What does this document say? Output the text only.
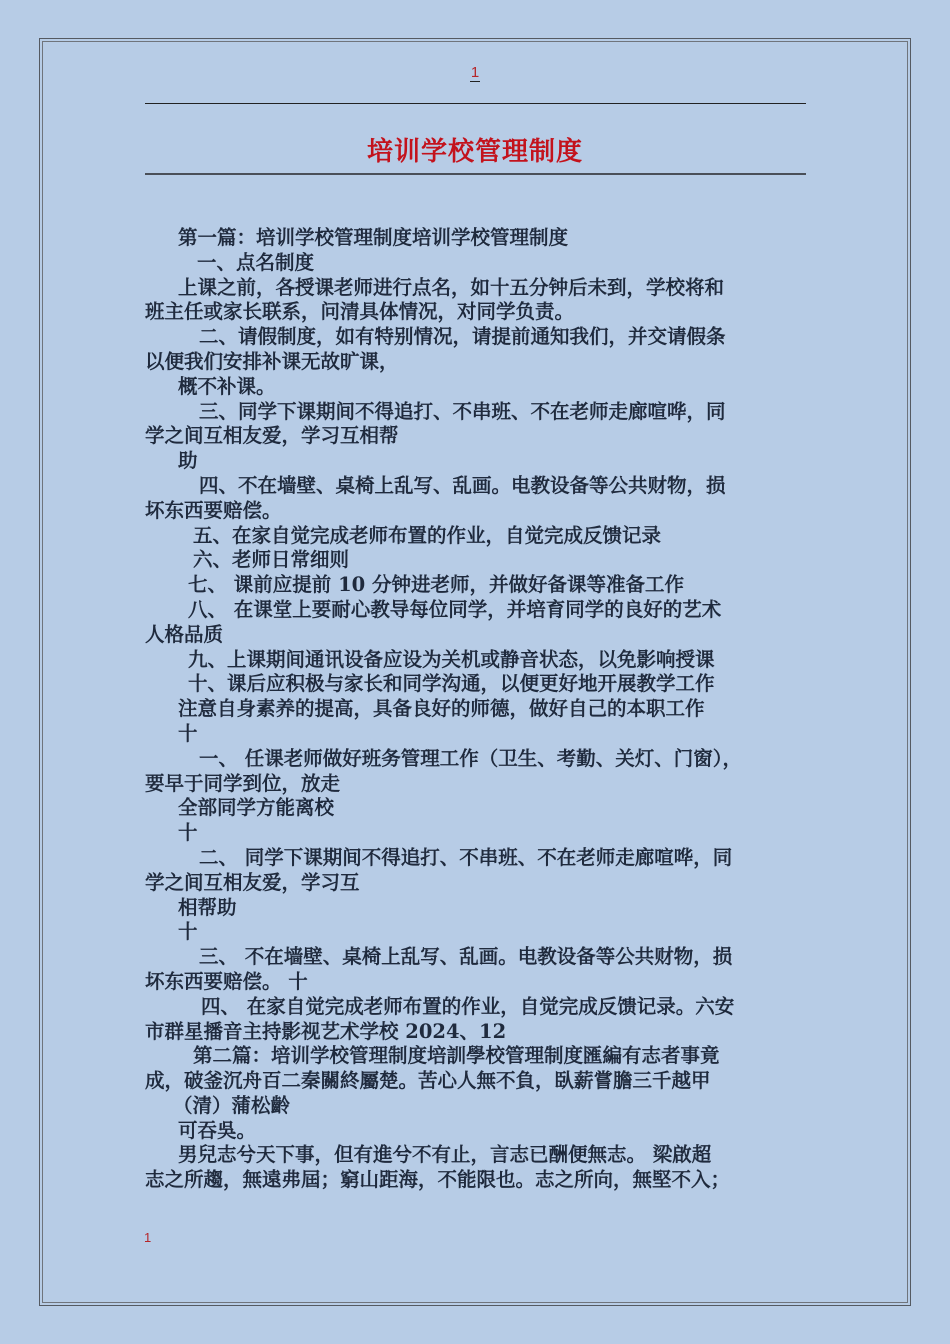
1
培训学校管理制度

第一篇：培训学校管理制度培训学校管理制度

一、点名制度

上课之前，各授课老师进行点名，如十五分钟后未到，学校将和

班主任或家长联系，问清具体情况，对同学负责。

二、请假制度，如有特别情况，请提前通知我们，并交请假条

以便我们安排补课无故旷课，

概不补课。

三、同学下课期间不得追打、不串班、不在老师走廊喧哗，同

学之间互相友爱，学习互相帮

助

四、不在墙壁、桌椅上乱写、乱画。电教设备等公共财物，损

坏东西要赔偿。

五、在家自觉完成老师布置的作业，自觉完成反馈记录

六、老师日常细则

七、 课前应提前 10 分钟进老师，并做好备课等准备工作

八、 在课堂上要耐心教导每位同学，并培育同学的良好的艺术

人格品质

九、上课期间通讯设备应设为关机或静音状态，以免影响授课

十、课后应积极与家长和同学沟通，以便更好地开展教学工作

注意自身素养的提高，具备良好的师德，做好自己的本职工作

十

一、 任课老师做好班务管理工作（卫生、考勤、关灯、门窗），

要早于同学到位，放走

全部同学方能离校

十

二、 同学下课期间不得追打、不串班、不在老师走廊喧哗，同

学之间互相友爱，学习互

相帮助

十

三、 不在墙壁、桌椅上乱写、乱画。电教设备等公共财物，损

坏东西要赔偿。 十

四、 在家自觉完成老师布置的作业，自觉完成反馈记录。六安

市群星播音主持影视艺术学校 2024、12

第二篇：培训学校管理制度培訓學校管理制度匯編有志者事竟

成，破釜沉舟百二秦關終屬楚。苦心人無不負，臥薪嘗膽三千越甲

（清）蒲松齡

可吞吳。

男兒志兮天下事，但有進兮不有止，言志已酬便無志。 梁啟超

志之所趨，無遠弗屆；窮山距海，不能限也。志之所向，無堅不入；

1
